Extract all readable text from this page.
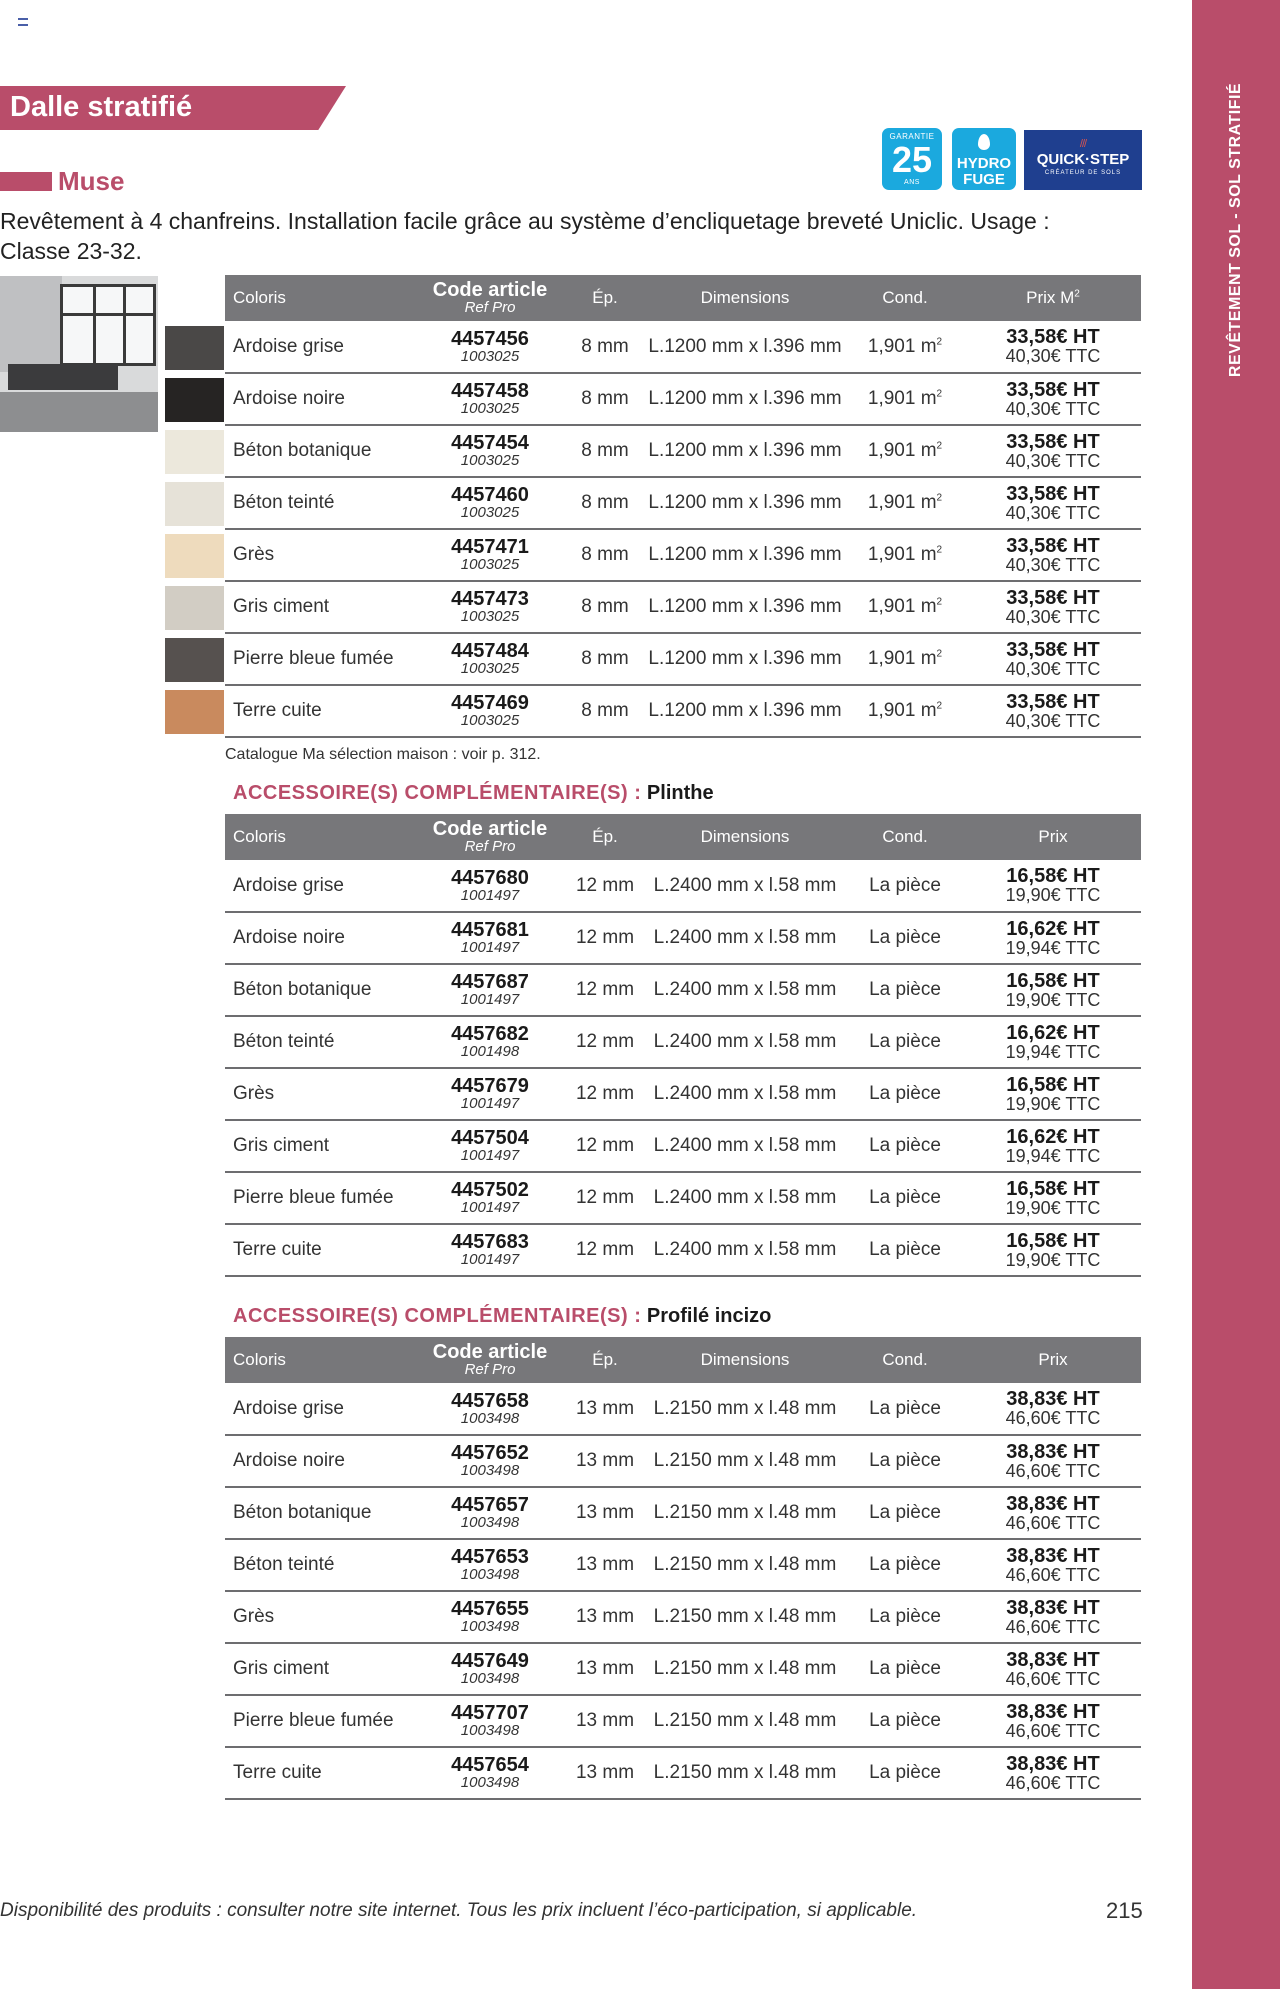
REVÊTEMENT SOL - SOL STRATIFIÉ
Dalle stratifié
Muse
Revêtement à 4 chanfreins. Installation facile grâce au système d’encliquetage breveté Uniclic. Usage : Classe 23-32.
GARANTIE
25
ANS
HYDRO
FUGE
///
QUICK·STEP
CRÉATEUR DE SOLS
Coloris	Code article
Ref Pro	Ép.	Dimensions	Cond.	Prix $M^2$
Ardoise grise	4457456
1003025	8 mm	L.1200 mm x l.396 mm	1,901 $m^2$	33,58€ HT
40,30€ TTC

Ardoise noire	4457458
1003025	8 mm	L.1200 mm x l.396 mm	1,901 $m^2$	33,58€ HT
40,30€ TTC

Béton botanique	4457454
1003025	8 mm	L.1200 mm x l.396 mm	1,901 $m^2$	33,58€ HT
40,30€ TTC

Béton teinté	4457460
1003025	8 mm	L.1200 mm x l.396 mm	1,901 $m^2$	33,58€ HT
40,30€ TTC

Grès	4457471
1003025	8 mm	L.1200 mm x l.396 mm	1,901 $m^2$	33,58€ HT
40,30€ TTC

Gris ciment	4457473
1003025	8 mm	L.1200 mm x l.396 mm	1,901 $m^2$	33,58€ HT
40,30€ TTC

Pierre bleue fumée	4457484
1003025	8 mm	L.1200 mm x l.396 mm	1,901 $m^2$	33,58€ HT
40,30€ TTC

Terre cuite	4457469
1003025	8 mm	L.1200 mm x l.396 mm	1,901 $m^2$	33,58€ HT
40,30€ TTC
Catalogue Ma sélection maison : voir p. 312.
ACCESSOIRE(S) COMPLÉMENTAIRE(S) : Plinthe
Coloris	Code article
Ref Pro	Ép.	Dimensions	Cond.	Prix
Ardoise grise	4457680
1001497	12 mm	L.2400 mm x l.58 mm	La pièce	16,58€ HT
19,90€ TTC

Ardoise noire	4457681
1001497	12 mm	L.2400 mm x l.58 mm	La pièce	16,62€ HT
19,94€ TTC

Béton botanique	4457687
1001497	12 mm	L.2400 mm x l.58 mm	La pièce	16,58€ HT
19,90€ TTC

Béton teinté	4457682
1001498	12 mm	L.2400 mm x l.58 mm	La pièce	16,62€ HT
19,94€ TTC

Grès	4457679
1001497	12 mm	L.2400 mm x l.58 mm	La pièce	16,58€ HT
19,90€ TTC

Gris ciment	4457504
1001497	12 mm	L.2400 mm x l.58 mm	La pièce	16,62€ HT
19,94€ TTC

Pierre bleue fumée	4457502
1001497	12 mm	L.2400 mm x l.58 mm	La pièce	16,58€ HT
19,90€ TTC

Terre cuite	4457683
1001497	12 mm	L.2400 mm x l.58 mm	La pièce	16,58€ HT
19,90€ TTC
ACCESSOIRE(S) COMPLÉMENTAIRE(S) : Profilé incizo
Coloris	Code article
Ref Pro	Ép.	Dimensions	Cond.	Prix
Ardoise grise	4457658
1003498	13 mm	L.2150 mm x l.48 mm	La pièce	38,83€ HT
46,60€ TTC

Ardoise noire	4457652
1003498	13 mm	L.2150 mm x l.48 mm	La pièce	38,83€ HT
46,60€ TTC

Béton botanique	4457657
1003498	13 mm	L.2150 mm x l.48 mm	La pièce	38,83€ HT
46,60€ TTC

Béton teinté	4457653
1003498	13 mm	L.2150 mm x l.48 mm	La pièce	38,83€ HT
46,60€ TTC

Grès	4457655
1003498	13 mm	L.2150 mm x l.48 mm	La pièce	38,83€ HT
46,60€ TTC

Gris ciment	4457649
1003498	13 mm	L.2150 mm x l.48 mm	La pièce	38,83€ HT
46,60€ TTC

Pierre bleue fumée	4457707
1003498	13 mm	L.2150 mm x l.48 mm	La pièce	38,83€ HT
46,60€ TTC

Terre cuite	4457654
1003498	13 mm	L.2150 mm x l.48 mm	La pièce	38,83€ HT
46,60€ TTC
Disponibilité des produits : consulter notre site internet. Tous les prix incluent l’éco-participation, si applicable.	215
